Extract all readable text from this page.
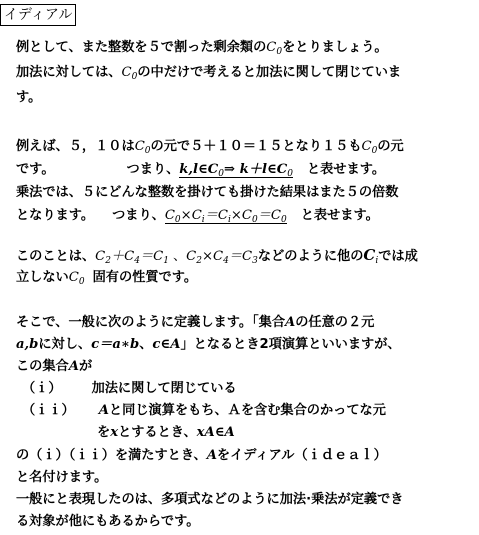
イディアル
例として、また整数を５で割った剰余類の$C_0$をとりましょう。
加法に対しては、$C_0$の中だけで考えると加法に関して閉じていま
す。
例えば、５，１０は$C_0$の元で５＋１０＝１５となり１５も$C_0$の元
です。	つまり、$k,l\in C_0\Rightarrow$ $k+l\in C_0$ と表せます。
乗法では、５にどんな整数を掛けても掛けた結果はまた５の倍数
となります。 つまり、$C_0\times C_i=C_i\times C_0=C_0$ と表せます。
このことは、$C_2+C_4=C_1$ 、$C_2\times C_4=C_3$などのように他の$C_i$では成
立しない$C_0$ 固有の性質です。
そこで、一般に次のように定義します。「集合Aの任意の２元
a,bに対し、c＝a∗b、c∈A」となるとき2項演算といいますが、
この集合Aが
（ｉ） 加法に関して閉じている
（ｉｉ） Aと同じ演算をもち、Ａを含む集合のかってな元
をxとするとき、xA∈A
の（ｉ）（ｉｉ）を満たすとき、Aをイディアル（ｉｄｅａｌ）
と名付けます。
一般にと表現したのは、多項式などのように加法·乗法が定義でき
る対象が他にもあるからです。
